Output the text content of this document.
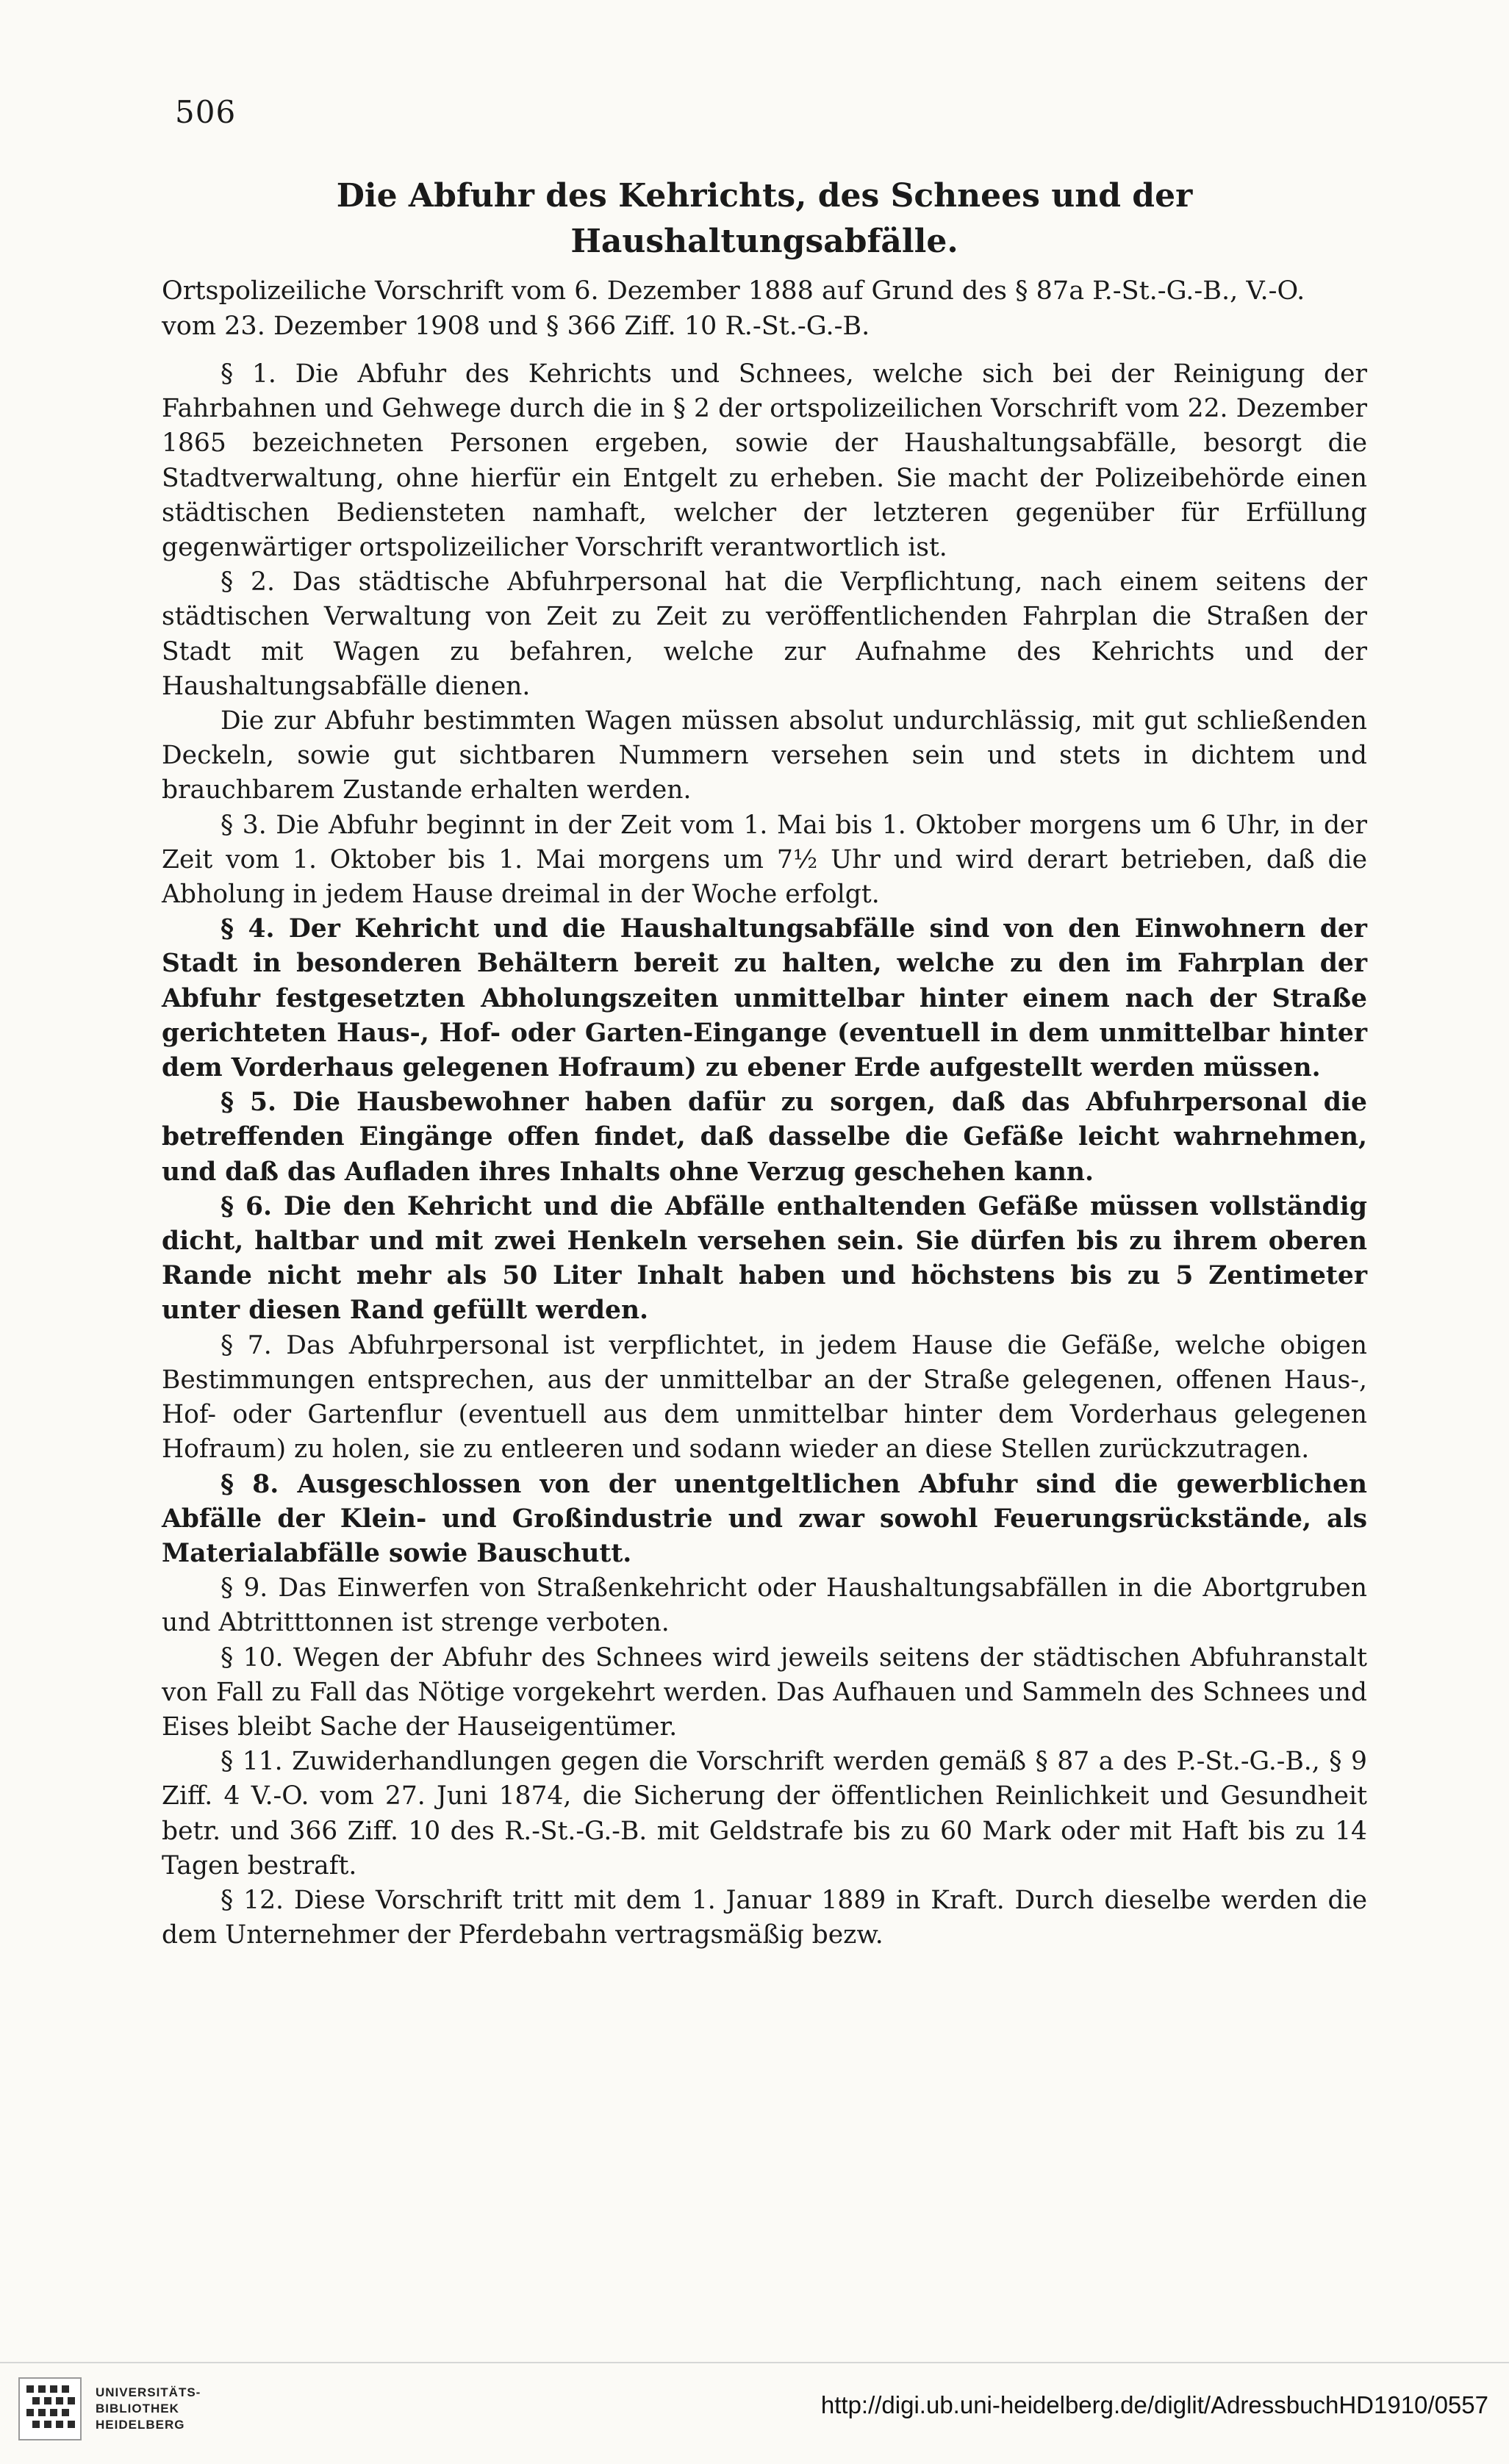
506
Die Abfuhr des Kehrichts, des Schnees und der
Haushaltungsabfälle.
Ortspolizeiliche Vorschrift vom 6. Dezember 1888 auf Grund des § 87a P.-St.-G.-B., V.-O. vom 23. Dezember 1908 und § 366 Ziff. 10 R.-St.-G.-B.

§ 1. Die Abfuhr des Kehrichts und Schnees, welche sich bei der Reinigung der Fahrbahnen und Gehwege durch die in § 2 der ortspolizeilichen Vorschrift vom 22. Dezember 1865 bezeichneten Personen ergeben, sowie der Haushaltungsabfälle, besorgt die Stadtverwaltung, ohne hierfür ein Entgelt zu erheben. Sie macht der Polizeibehörde einen städtischen Bediensteten namhaft, welcher der letzteren gegenüber für Erfüllung gegenwärtiger ortspolizeilicher Vorschrift verantwortlich ist.

§ 2. Das städtische Abfuhrpersonal hat die Verpflichtung, nach einem seitens der städtischen Verwaltung von Zeit zu Zeit zu veröffentlichenden Fahrplan die Straßen der Stadt mit Wagen zu befahren, welche zur Aufnahme des Kehrichts und der Haushaltungsabfälle dienen.

Die zur Abfuhr bestimmten Wagen müssen absolut undurchlässig, mit gut schließenden Deckeln, sowie gut sichtbaren Nummern versehen sein und stets in dichtem und brauchbarem Zustande erhalten werden.

§ 3. Die Abfuhr beginnt in der Zeit vom 1. Mai bis 1. Oktober morgens um 6 Uhr, in der Zeit vom 1. Oktober bis 1. Mai morgens um 7½ Uhr und wird derart betrieben, daß die Abholung in jedem Hause dreimal in der Woche erfolgt.

§ 4. Der Kehricht und die Haushaltungsabfälle sind von den Einwohnern der Stadt in besonderen Behältern bereit zu halten, welche zu den im Fahrplan der Abfuhr festgesetzten Abholungszeiten unmittelbar hinter einem nach der Straße gerichteten Haus-, Hof- oder Garten-Eingange (eventuell in dem unmittelbar hinter dem Vorderhaus gelegenen Hofraum) zu ebener Erde aufgestellt werden müssen.

§ 5. Die Hausbewohner haben dafür zu sorgen, daß das Abfuhrpersonal die betreffenden Eingänge offen findet, daß dasselbe die Gefäße leicht wahrnehmen, und daß das Aufladen ihres Inhalts ohne Verzug geschehen kann.

§ 6. Die den Kehricht und die Abfälle enthaltenden Gefäße müssen vollständig dicht, haltbar und mit zwei Henkeln versehen sein. Sie dürfen bis zu ihrem oberen Rande nicht mehr als 50 Liter Inhalt haben und höchstens bis zu 5 Zentimeter unter diesen Rand gefüllt werden.

§ 7. Das Abfuhrpersonal ist verpflichtet, in jedem Hause die Gefäße, welche obigen Bestimmungen entsprechen, aus der unmittelbar an der Straße gelegenen, offenen Haus-, Hof- oder Gartenflur (eventuell aus dem unmittelbar hinter dem Vorderhaus gelegenen Hofraum) zu holen, sie zu entleeren und sodann wieder an diese Stellen zurückzutragen.

§ 8. Ausgeschlossen von der unentgeltlichen Abfuhr sind die gewerblichen Abfälle der Klein- und Großindustrie und zwar sowohl Feuerungsrückstände, als Materialabfälle sowie Bauschutt.

§ 9. Das Einwerfen von Straßenkehricht oder Haushaltungsabfällen in die Abortgruben und Abtritttonnen ist strenge verboten.

§ 10. Wegen der Abfuhr des Schnees wird jeweils seitens der städtischen Abfuhranstalt von Fall zu Fall das Nötige vorgekehrt werden. Das Aufhauen und Sammeln des Schnees und Eises bleibt Sache der Hauseigentümer.

§ 11. Zuwiderhandlungen gegen die Vorschrift werden gemäß § 87 a des P.-St.-G.-B., § 9 Ziff. 4 V.-O. vom 27. Juni 1874, die Sicherung der öffentlichen Reinlichkeit und Gesundheit betr. und 366 Ziff. 10 des R.-St.-G.-B. mit Geldstrafe bis zu 60 Mark oder mit Haft bis zu 14 Tagen bestraft.

§ 12. Diese Vorschrift tritt mit dem 1. Januar 1889 in Kraft. Durch dieselbe werden die dem Unternehmer der Pferdebahn vertragsmäßig bezw.

UNIVERSITÄTS-
BIBLIOTHEK
HEIDELBERG
http://digi.ub.uni-heidelberg.de/diglit/AdressbuchHD1910/0557
